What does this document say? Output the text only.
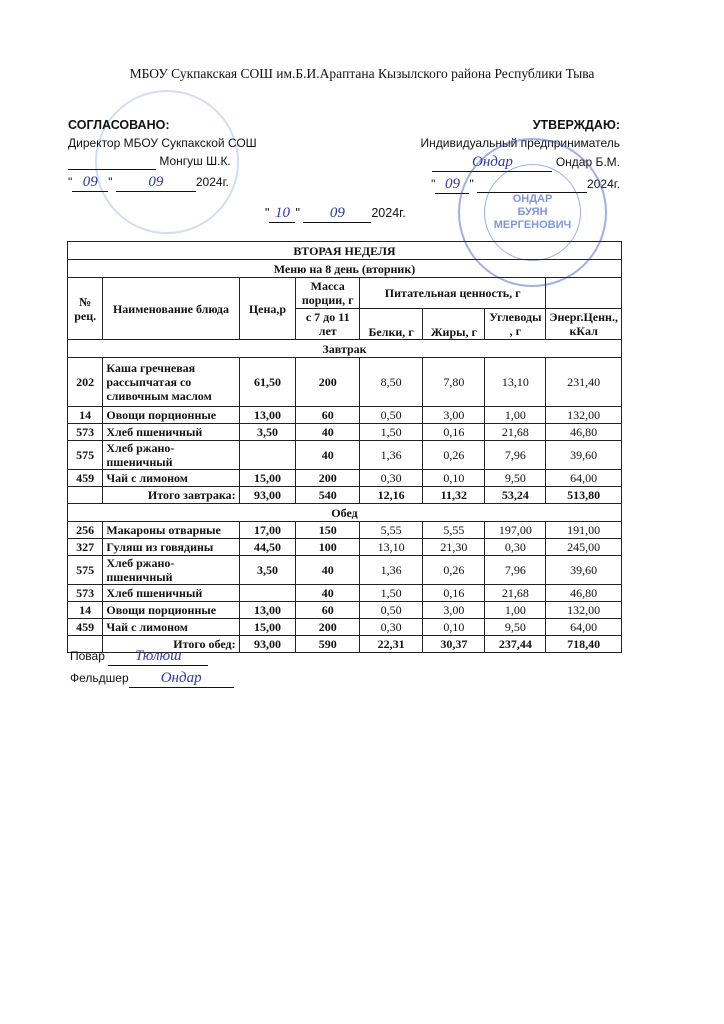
МБОУ Сукпакская СОШ им.Б.И.Арaптана Кызылского района Республики Тыва
СОГЛАСОВАНО:
Директор МБОУ Сукпакской СОШ
Монгуш Ш.К.
" 09 " 09	2024г.
УТВЕРЖДАЮ:
Индивидуальный предприниматель
Ондар	Ондар Б.М.
" 09 "	2024г.
ОНДАР
БУЯН
МЕРГЕНОВИЧ
" 10 " 09 2024г.
ВТОРАЯ НЕДЕЛЯ							
Меню на 8 день (вторник)							
№ рец.	Наименование блюда	Цена,р	Масса порции, г	Питательная ценность, г			
			с 7 до 11 лет	Белки, г	Жиры, г	Углеводы , г	Энерг.Ценн., кКал
Завтрак							
202	Каша гречневая рассыпчатая со сливочным маслом	61,50	200	8,50	7,80	13,10	231,40
14	Овощи порционные	13,00	60	0,50	3,00	1,00	132,00
573	Хлеб пшеничный	3,50	40	1,50	0,16	21,68	46,80
575	Хлеб ржано-пшеничный		40	1,36	0,26	7,96	39,60
459	Чай с лимоном	15,00	200	0,30	0,10	9,50	64,00
	Итого завтрака:	93,00	540	12,16	11,32	53,24	513,80
Обед							
256	Макароны отварные	17,00	150	5,55	5,55	197,00	191,00
327	Гуляш из говядины	44,50	100	13,10	21,30	0,30	245,00
575	Хлеб ржано-пшеничный	3,50	40	1,36	0,26	7,96	39,60
573	Хлеб пшеничный		40	1,50	0,16	21,68	46,80
14	Овощи порционные	13,00	60	0,50	3,00	1,00	132,00
459	Чай с лимоном	15,00	200	0,30	0,10	9,50	64,00
	Итого обед:	93,00	590	22,31	30,37	237,44	718,40
Повар Тюлюш
Фельдшер Ондар
